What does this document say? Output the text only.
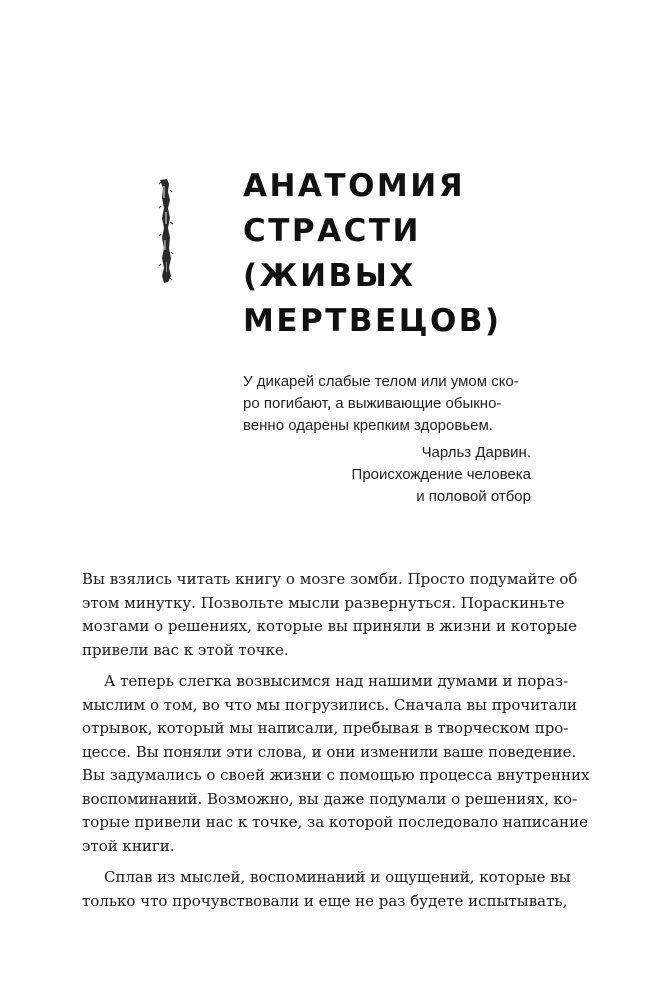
АНАТОМИЯ
СТРАСТИ
(ЖИВЫХ
МЕРТВЕЦОВ)
У дикарей слабые телом или умом ско-
ро погибают, а выживающие обыкно-
венно одарены крепким здоровьем.
Чарльз Дарвин.
Происхождение человека
и половой отбор
Вы взялись читать книгу о мозге зомби. Просто подумайте об
этом минутку. Позвольте мысли развернуться. Пораскиньте
мозгами о решениях, которые вы приняли в жизни и которые
привели вас к этой точке.
А теперь слегка возвысимся над нашими думами и пораз-
мыслим о том, во что мы погрузились. Сначала вы прочитали
отрывок, который мы написали, пребывая в творческом про-
цессе. Вы поняли эти слова, и они изменили ваше поведение.
Вы задумались о своей жизни с помощью процесса внутренних
воспоминаний. Возможно, вы даже подумали о решениях, ко-
торые привели нас к точке, за которой последовало написание
этой книги.
Сплав из мыслей, воспоминаний и ощущений, которые вы
только что прочувствовали и еще не раз будете испытывать,
